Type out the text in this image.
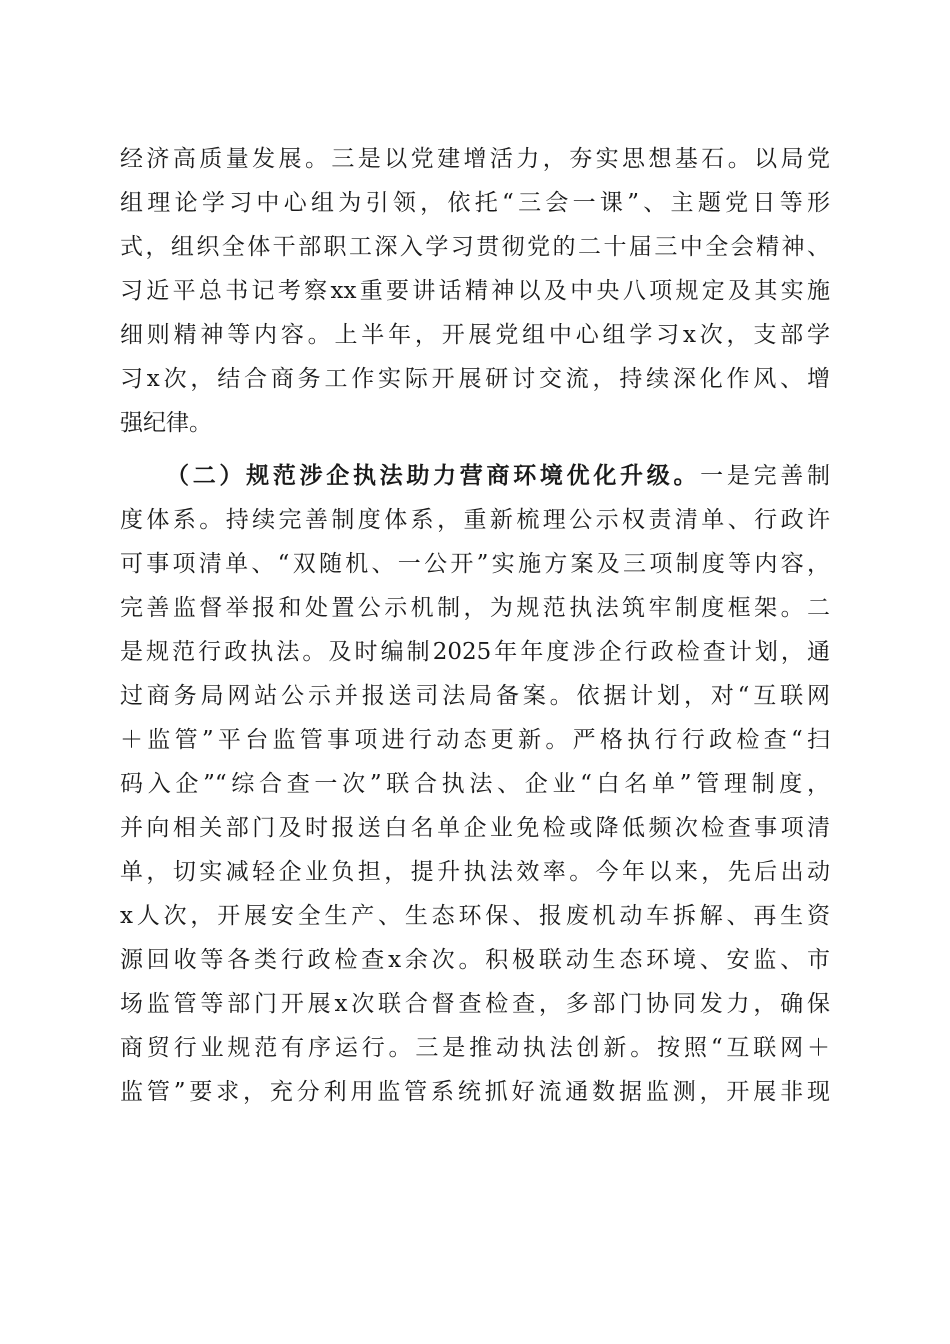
经济高质量发展。三是以党建增活力，夯实思想基石。以局党
组理论学习中心组为引领，依托“三会一课”、主题党日等形
式，组织全体干部职工深入学习贯彻党的二十届三中全会精神、
习近平总书记考察xx重要讲话精神以及中央八项规定及其实施
细则精神等内容。上半年，开展党组中心组学习x次，支部学
习x次，结合商务工作实际开展研讨交流，持续深化作风、增
强纪律。
（二）规范涉企执法助力营商环境优化升级。一是完善制
度体系。持续完善制度体系，重新梳理公示权责清单、行政许
可事项清单、“双随机、一公开”实施方案及三项制度等内容，
完善监督举报和处置公示机制，为规范执法筑牢制度框架。二
是规范行政执法。及时编制2025年年度涉企行政检查计划，通
过商务局网站公示并报送司法局备案。依据计划，对“互联网
＋监管”平台监管事项进行动态更新。严格执行行政检查“扫
码入企”“综合查一次”联合执法、企业“白名单”管理制度，
并向相关部门及时报送白名单企业免检或降低频次检查事项清
单，切实减轻企业负担，提升执法效率。今年以来，先后出动
x人次，开展安全生产、生态环保、报废机动车拆解、再生资
源回收等各类行政检查x余次。积极联动生态环境、安监、市
场监管等部门开展x次联合督查检查，多部门协同发力，确保
商贸行业规范有序运行。三是推动执法创新。按照“互联网＋
监管”要求，充分利用监管系统抓好流通数据监测，开展非现
